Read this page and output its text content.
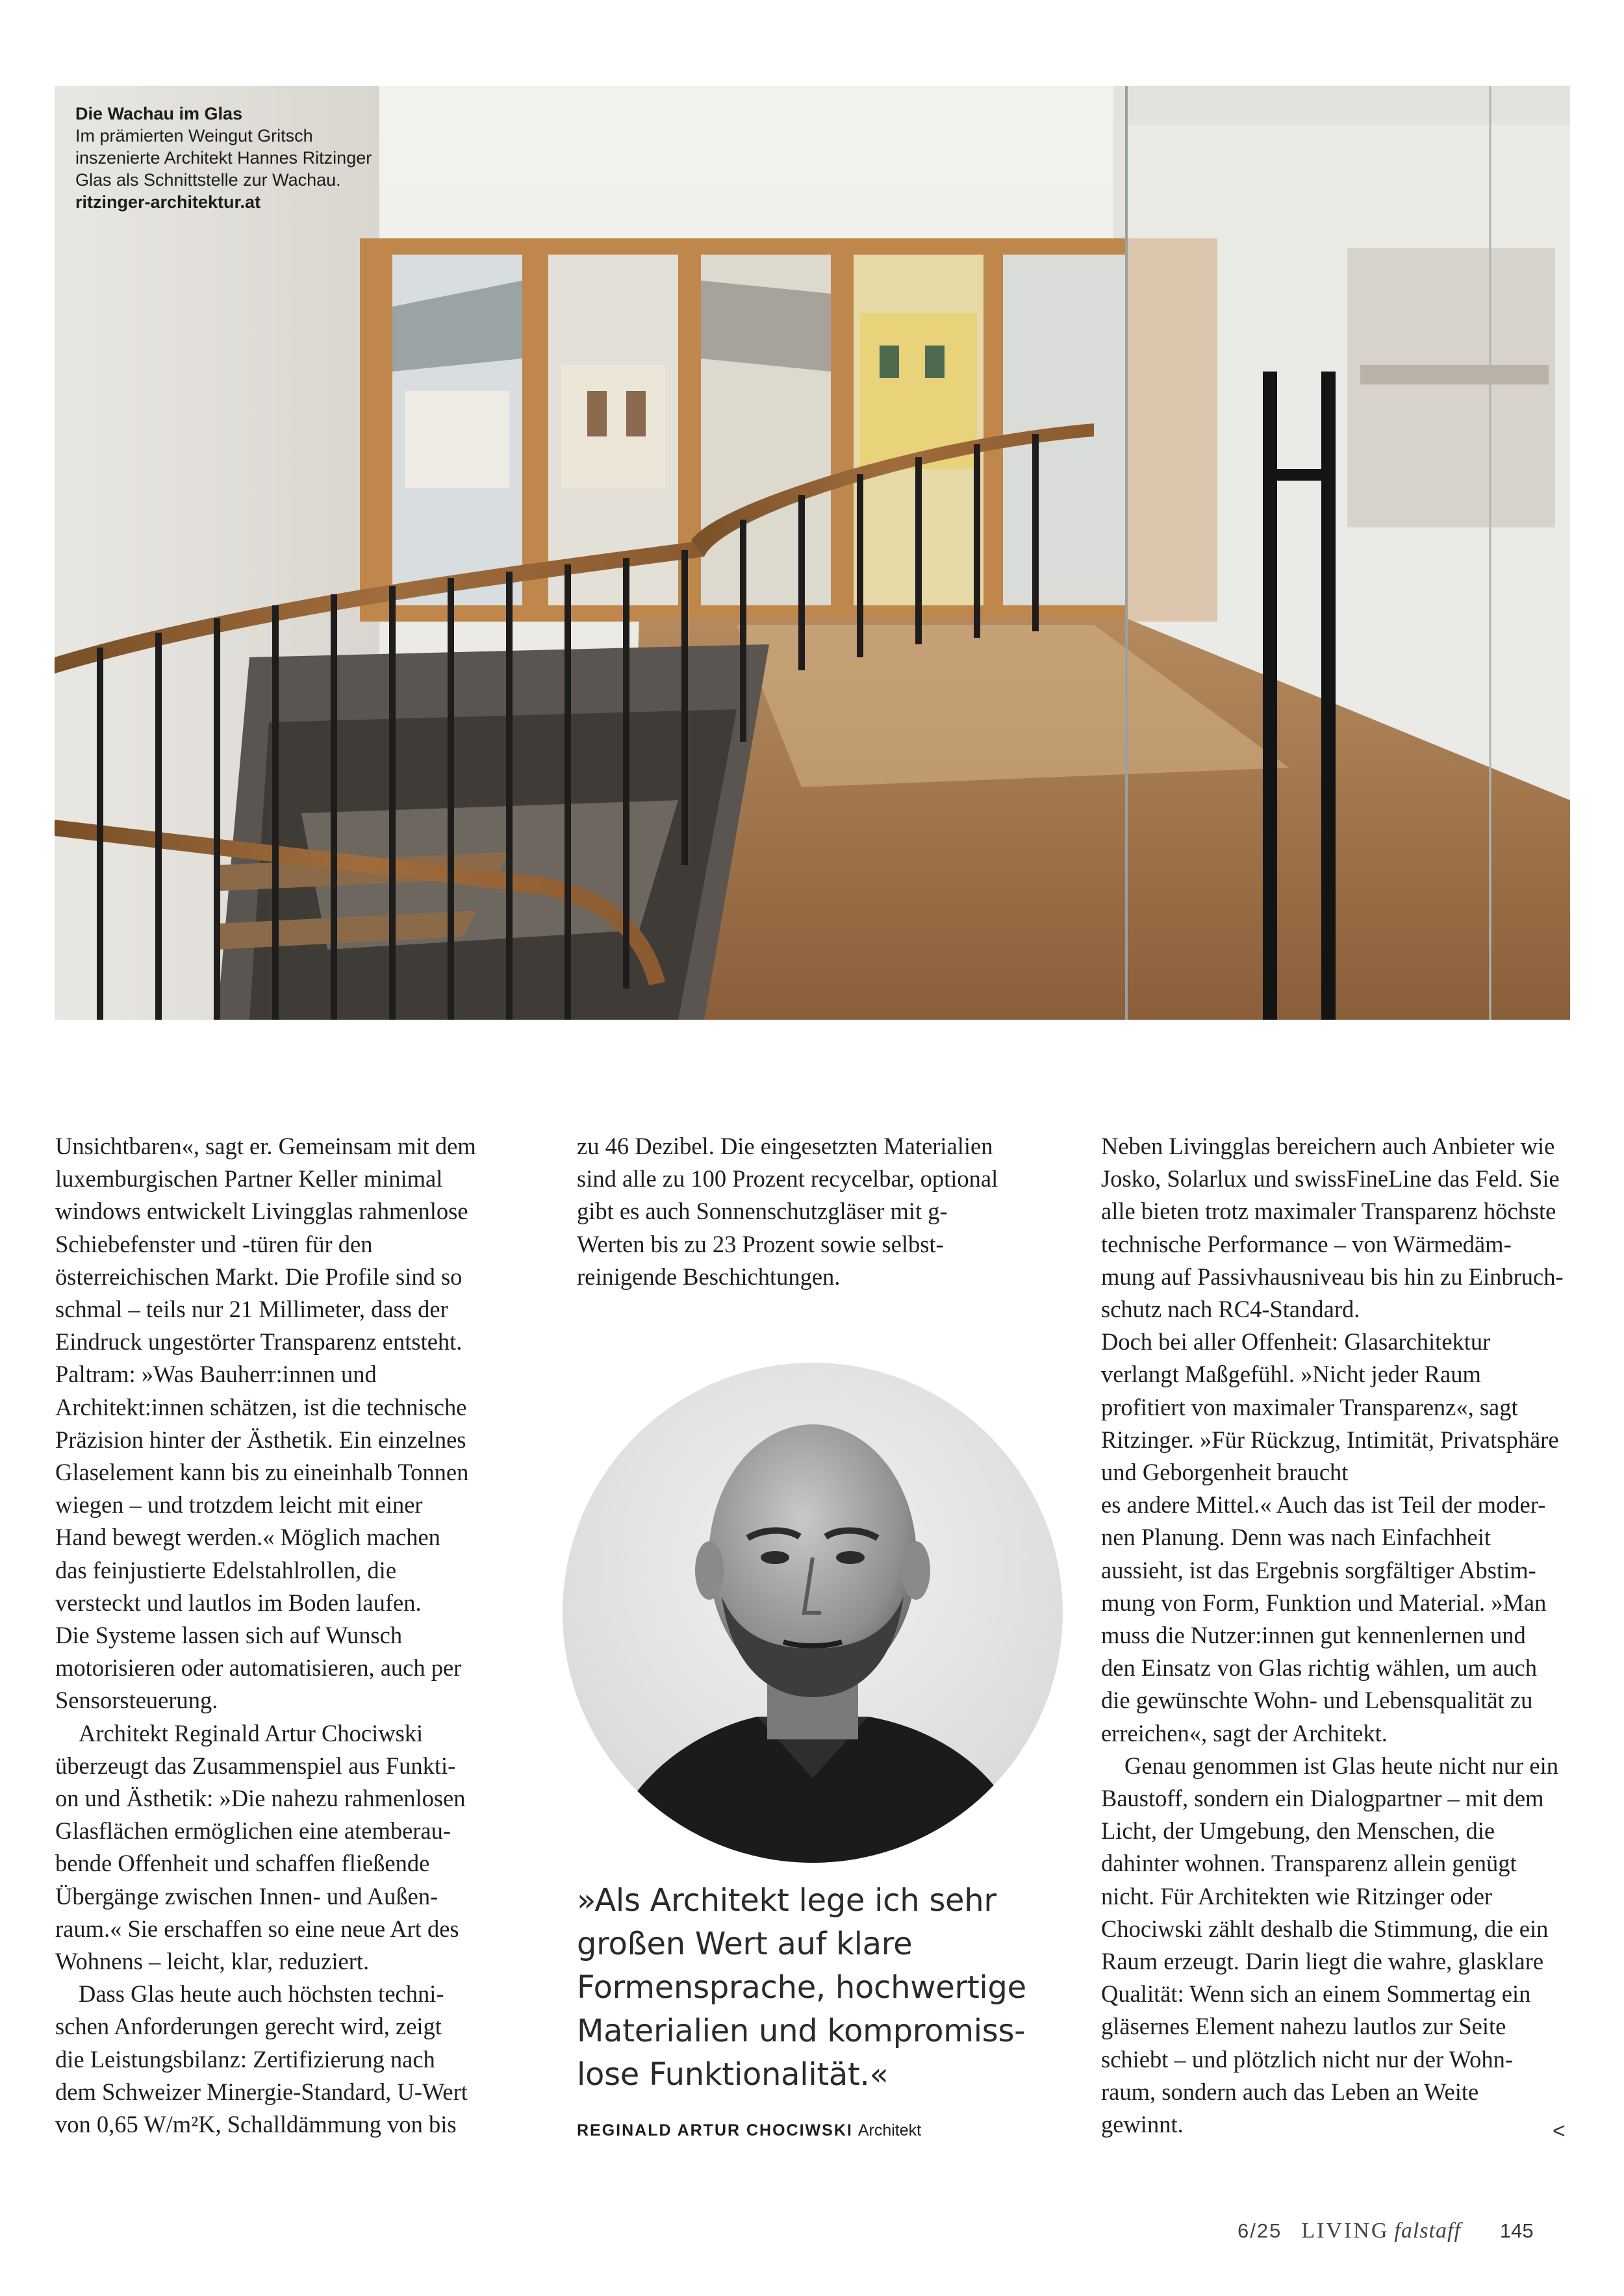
Die Wachau im Glas
Im prämierten Weingut Gritsch
inszenierte Architekt Hannes Ritzinger
Glas als Schnittstelle zur Wachau.
ritzinger-architektur.at
Unsichtbaren«, sagt er. Gemeinsam mit dem
luxemburgischen Partner Keller minimal
windows entwickelt Livingglas rahmenlose
Schiebefenster und -türen für den
österreichischen Markt. Die Profile sind so
schmal – teils nur 21 Millimeter, dass der
Eindruck ungestörter Transparenz entsteht.
Paltram: »Was Bauherr:innen und
Architekt:innen schätzen, ist die technische
Präzision hinter der Ästhetik. Ein einzelnes
Glaselement kann bis zu eineinhalb Tonnen
wiegen – und trotzdem leicht mit einer
Hand bewegt werden.« Möglich machen
das feinjustierte Edelstahlrollen, die
versteckt und lautlos im Boden laufen.
Die Systeme lassen sich auf Wunsch
motorisieren oder automatisieren, auch per
Sensorsteuerung.
Architekt Reginald Artur Chociwski
überzeugt das Zusammenspiel aus Funkti-
on und Ästhetik: »Die nahezu rahmenlosen
Glasflächen ermöglichen eine atemberau-
bende Offenheit und schaffen fließende
Übergänge zwischen Innen- und Außen-
raum.« Sie erschaffen so eine neue Art des
Wohnens – leicht, klar, reduziert.
Dass Glas heute auch höchsten techni-
schen Anforderungen gerecht wird, zeigt
die Leistungsbilanz: Zertifizierung nach
dem Schweizer Minergie-Standard, U-Wert
von 0,65 W/m²K, Schalldämmung von bis
zu 46 Dezibel. Die eingesetzten Materialien
sind alle zu 100 Prozent recycelbar, optional
gibt es auch Sonnenschutzgläser mit g-
Werten bis zu 23 Prozent sowie selbst-
reinigende Beschichtungen.
»Als Architekt lege ich sehr
großen Wert auf klare
Formensprache, hochwertige
Materialien und kompromiss-
lose Funktionalität.«
REGINALD ARTUR CHOCIWSKI Architekt
Neben Livingglas bereichern auch Anbieter wie
Josko, Solarlux und swissFineLine das Feld. Sie
alle bieten trotz maximaler Transparenz höchste
technische Performance – von Wärmedäm-
mung auf Passivhausniveau bis hin zu Einbruch-
schutz nach RC4-Standard.
Doch bei aller Offenheit: Glasarchitektur
verlangt Maßgefühl. »Nicht jeder Raum
profitiert von maximaler Transparenz«, sagt
Ritzinger. »Für Rückzug, Intimität, Privatsphäre
und Geborgenheit braucht
es andere Mittel.« Auch das ist Teil der moder-
nen Planung. Denn was nach Einfachheit
aussieht, ist das Ergebnis sorgfältiger Abstim-
mung von Form, Funktion und Material. »Man
muss die Nutzer:innen gut kennenlernen und
den Einsatz von Glas richtig wählen, um auch
die gewünschte Wohn- und Lebensqualität zu
erreichen«, sagt der Architekt.
Genau genommen ist Glas heute nicht nur ein
Baustoff, sondern ein Dialogpartner – mit dem
Licht, der Umgebung, den Menschen, die
dahinter wohnen. Transparenz allein genügt
nicht. Für Architekten wie Ritzinger oder
Chociwski zählt deshalb die Stimmung, die ein
Raum erzeugt. Darin liegt die wahre, glasklare
Qualität: Wenn sich an einem Sommertag ein
gläsernes Element nahezu lautlos zur Seite
schiebt – und plötzlich nicht nur der Wohn-
raum, sondern auch das Leben an Weite
gewinnt.	<
6/25 LIVING falstaff 145
